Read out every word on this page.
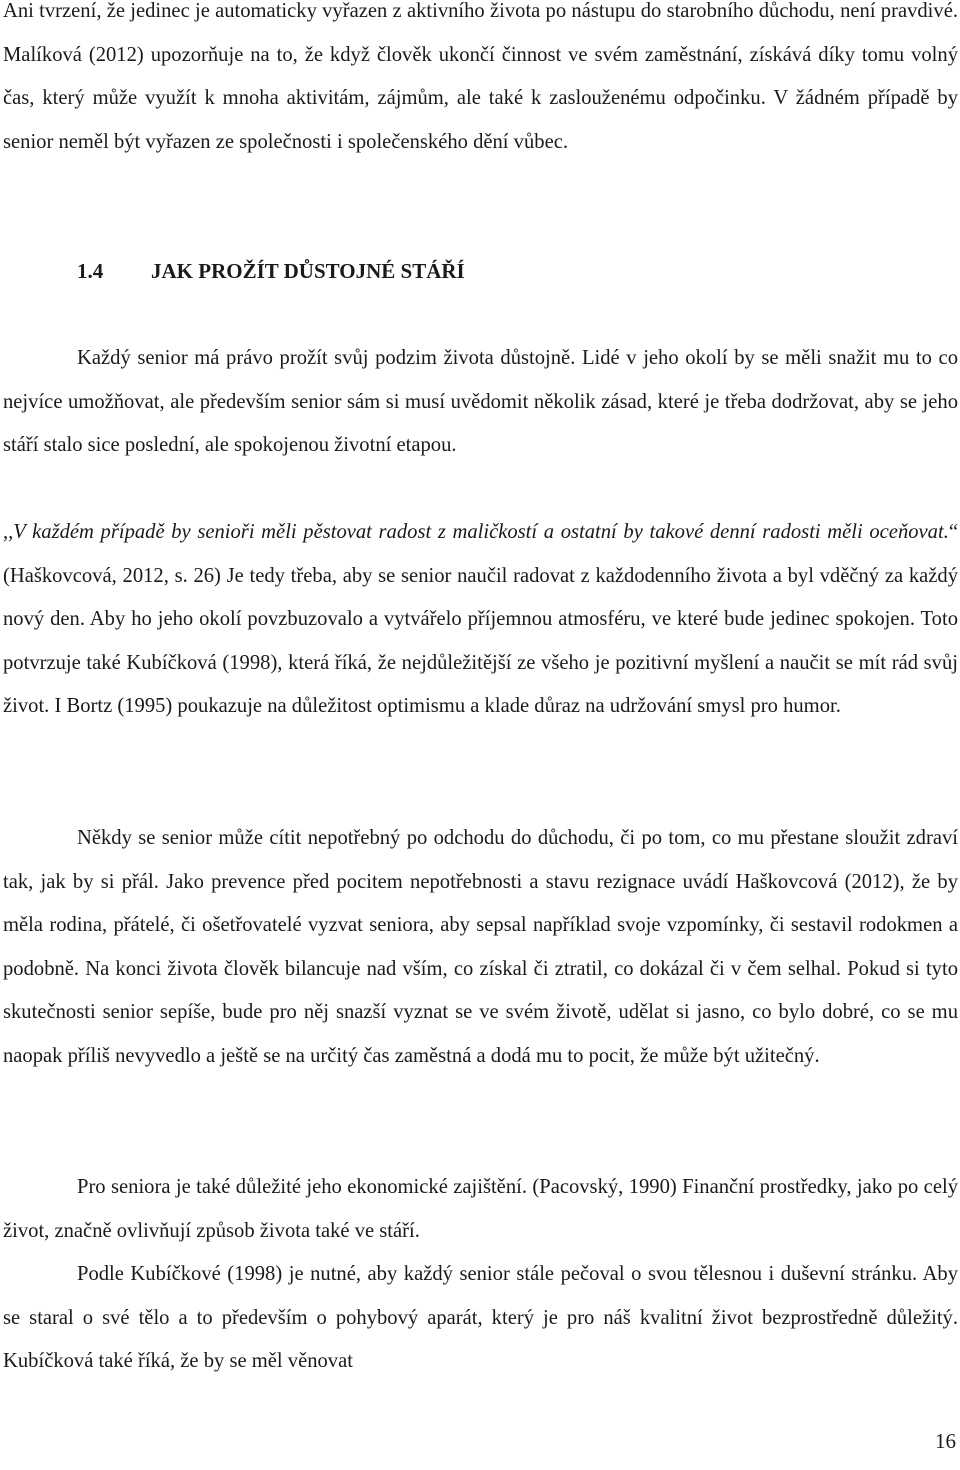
Ani tvrzení, že jedinec je automaticky vyřazen z aktivního života po nástupu do starobního důchodu, není pravdivé. Malíková (2012) upozorňuje na to, že když člověk ukončí činnost ve svém zaměstnání, získává díky tomu volný čas, který může využít k mnoha aktivitám, zájmům, ale také k zaslouženému odpočinku. V žádném případě by senior neměl být vyřazen ze společnosti i společenského dění vůbec.

1.4 JAK PROŽÍT DŮSTOJNÉ STÁŘÍ

Každý senior má právo prožít svůj podzim života důstojně. Lidé v jeho okolí by se měli snažit mu to co nejvíce umožňovat, ale především senior sám si musí uvědomit několik zásad, které je třeba dodržovat, aby se jeho stáří stalo sice poslední, ale spokojenou životní etapou.

,,V každém případě by senioři měli pěstovat radost z maličkostí a ostatní by takové denní radosti měli oceňovat.“ (Haškovcová, 2012, s. 26) Je tedy třeba, aby se senior naučil radovat z každodenního života a byl vděčný za každý nový den. Aby ho jeho okolí povzbuzovalo a vytvářelo příjemnou atmosféru, ve které bude jedinec spokojen. Toto potvrzuje také Kubíčková (1998), která říká, že nejdůležitější ze všeho je pozitivní myšlení a naučit se mít rád svůj život. I Bortz (1995) poukazuje na důležitost optimismu a klade důraz na udržování smysl pro humor.

Někdy se senior může cítit nepotřebný po odchodu do důchodu, či po tom, co mu přestane sloužit zdraví tak, jak by si přál. Jako prevence před pocitem nepotřebnosti a stavu rezignace uvádí Haškovcová (2012), že by měla rodina, přátelé, či ošetřovatelé vyzvat seniora, aby sepsal například svoje vzpomínky, či sestavil rodokmen a podobně. Na konci života člověk bilancuje nad vším, co získal či ztratil, co dokázal či v čem selhal. Pokud si tyto skutečnosti senior sepíše, bude pro něj snazší vyznat se ve svém životě, udělat si jasno, co bylo dobré, co se mu naopak příliš nevyvedlo a ještě se na určitý čas zaměstná a dodá mu to pocit, že může být užitečný.

Pro seniora je také důležité jeho ekonomické zajištění. (Pacovský, 1990) Finanční prostředky, jako po celý život, značně ovlivňují způsob života také ve stáří.

Podle Kubíčkové (1998) je nutné, aby každý senior stále pečoval o svou tělesnou i duševní stránku. Aby se staral o své tělo a to především o pohybový aparát, který je pro náš kvalitní život bezprostředně důležitý. Kubíčková také říká, že by se měl věnovat

16
